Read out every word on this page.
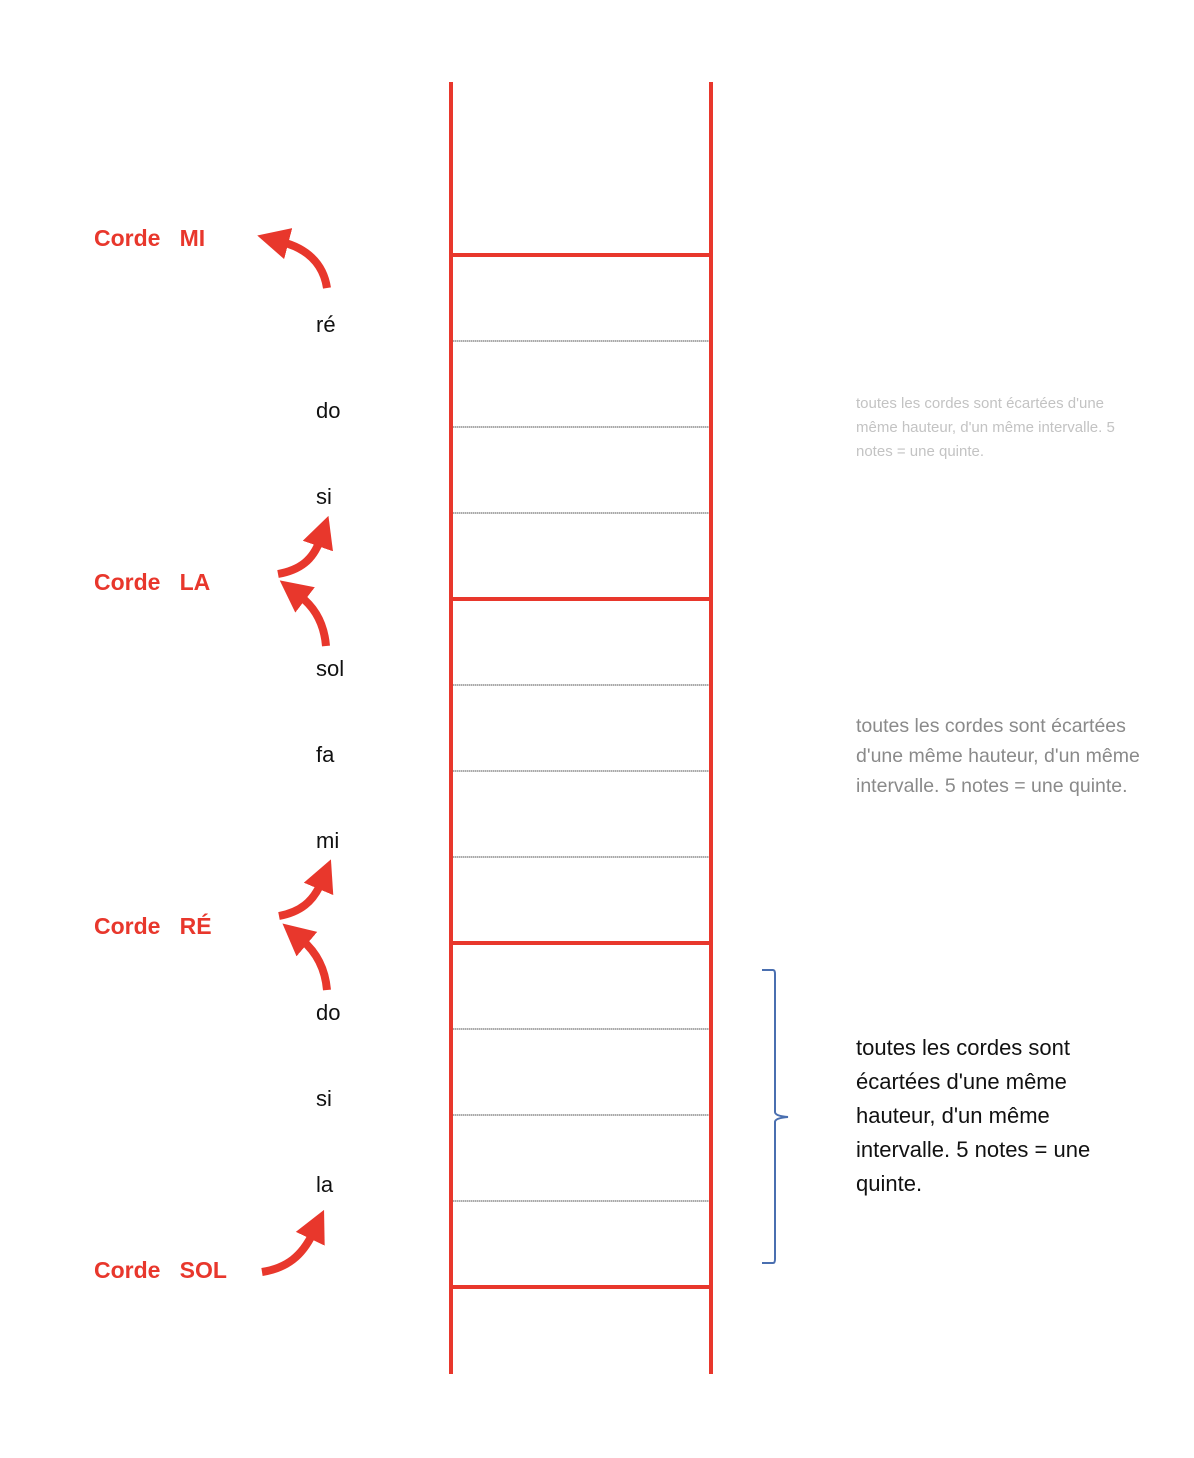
Corde   MI
Corde   LA
Corde   RÉ
Corde   SOL
ré
do
si
sol
fa
mi
do
si
la

toutes les cordes sont écartées d'une même hauteur, d'un même intervalle. 5 notes = une quinte.

toutes les cordes sont écartées d'une même hauteur, d'un même intervalle. 5 notes = une quinte.

toutes les cordes sont écartées d'une même hauteur, d'un même intervalle. 5 notes = une quinte.
